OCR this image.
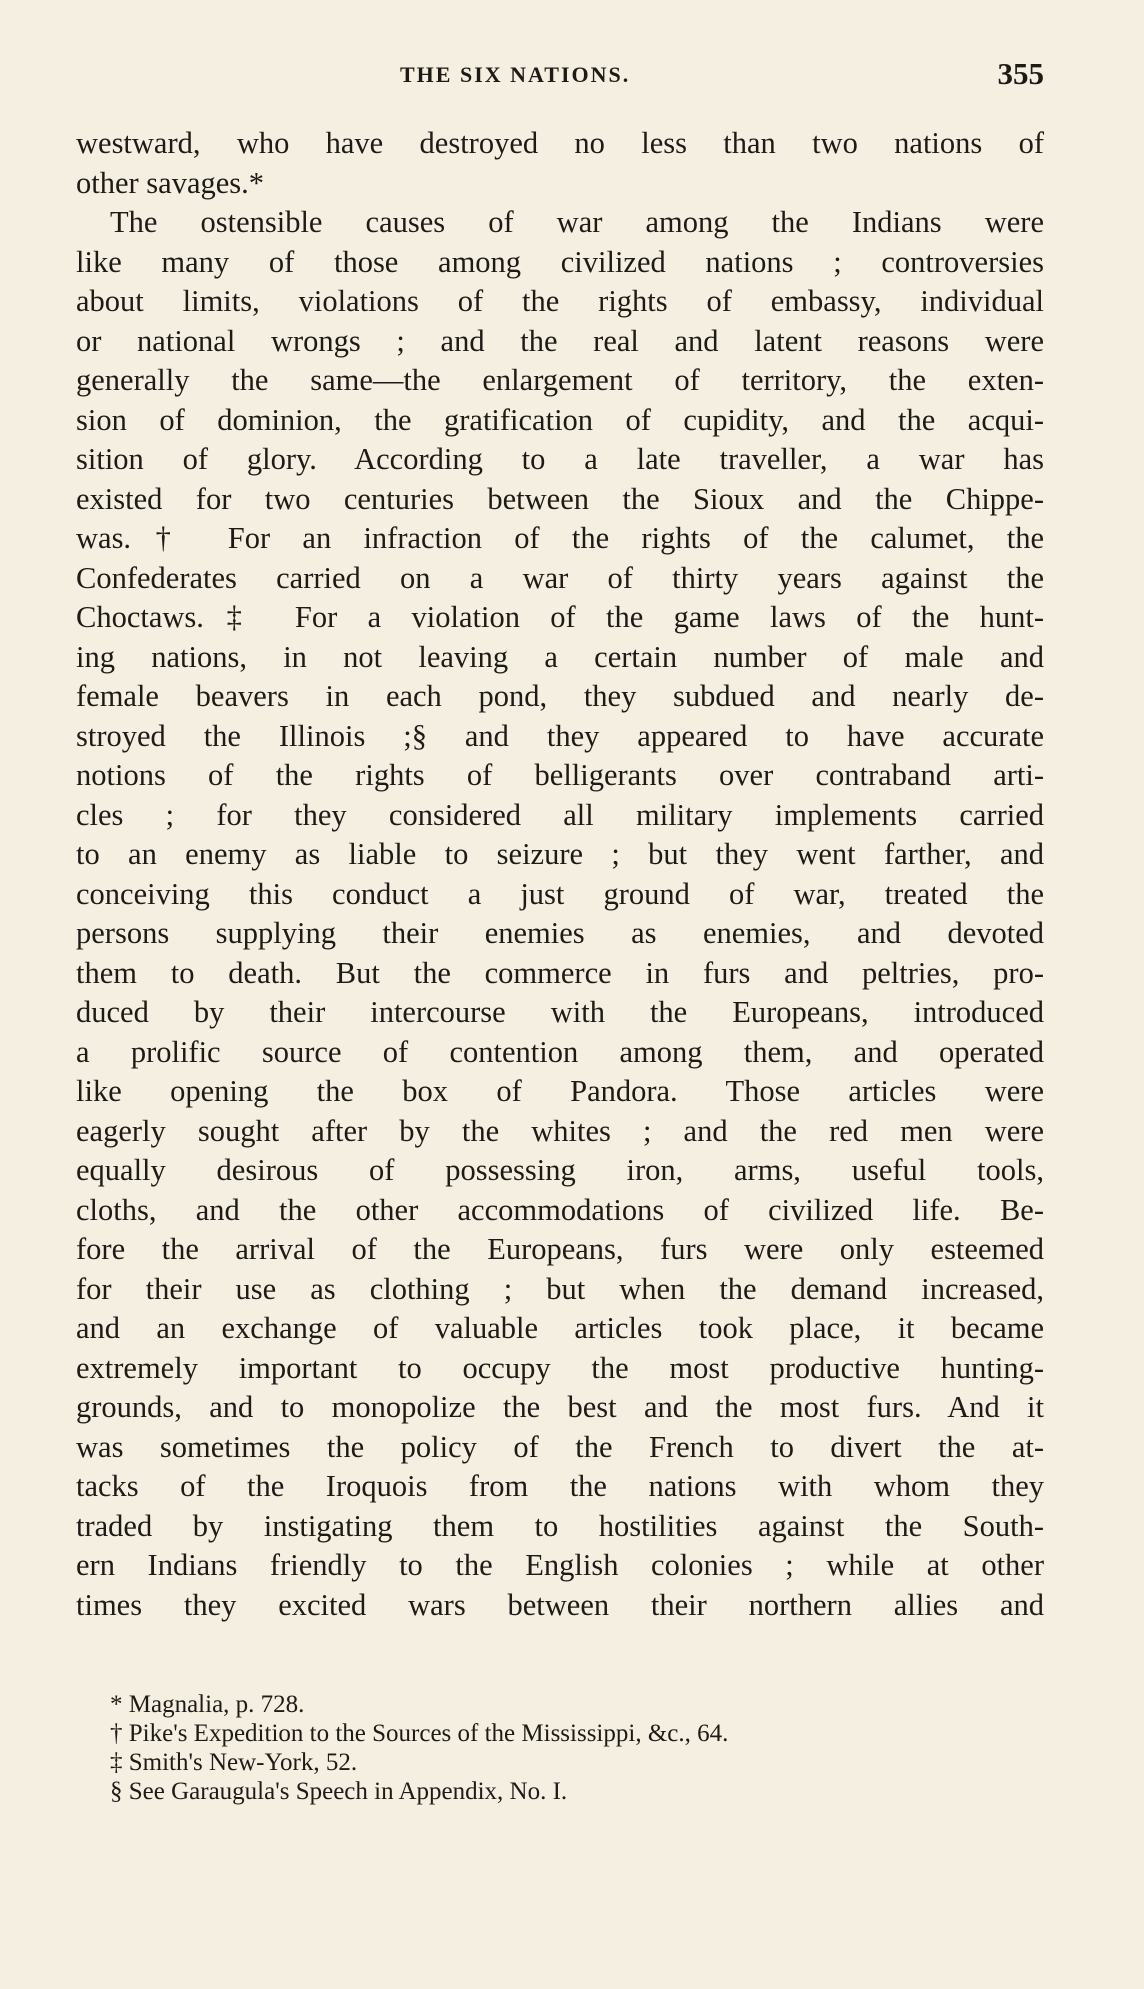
THE SIX NATIONS.	355
westward, who have destroyed no less than two nations of
other savages.*
The ostensible causes of war among the Indians were
like many of those among civilized nations ; controversies
about limits, violations of the rights of embassy, individual
or national wrongs ; and the real and latent reasons were
generally the same—the enlargement of territory, the exten-
sion of dominion, the gratification of cupidity, and the acqui-
sition of glory. According to a late traveller, a war has
existed for two centuries between the Sioux and the Chippe-
was.† For an infraction of the rights of the calumet, the
Confederates carried on a war of thirty years against the
Choctaws.‡ For a violation of the game laws of the hunt-
ing nations, in not leaving a certain number of male and
female beavers in each pond, they subdued and nearly de-
stroyed the Illinois ;§ and they appeared to have accurate
notions of the rights of belligerants over contraband arti-
cles ; for they considered all military implements carried
to an enemy as liable to seizure ; but they went farther, and
conceiving this conduct a just ground of war, treated the
persons supplying their enemies as enemies, and devoted
them to death. But the commerce in furs and peltries, pro-
duced by their intercourse with the Europeans, introduced
a prolific source of contention among them, and operated
like opening the box of Pandora. Those articles were
eagerly sought after by the whites ; and the red men were
equally desirous of possessing iron, arms, useful tools,
cloths, and the other accommodations of civilized life. Be-
fore the arrival of the Europeans, furs were only esteemed
for their use as clothing ; but when the demand increased,
and an exchange of valuable articles took place, it became
extremely important to occupy the most productive hunting-
grounds, and to monopolize the best and the most furs. And it
was sometimes the policy of the French to divert the at-
tacks of the Iroquois from the nations with whom they
traded by instigating them to hostilities against the South-
ern Indians friendly to the English colonies ; while at other
times they excited wars between their northern allies and
* Magnalia, p. 728.
† Pike's Expedition to the Sources of the Mississippi, &c., 64.
‡ Smith's New-York, 52.
§ See Garaugula's Speech in Appendix, No. I.
